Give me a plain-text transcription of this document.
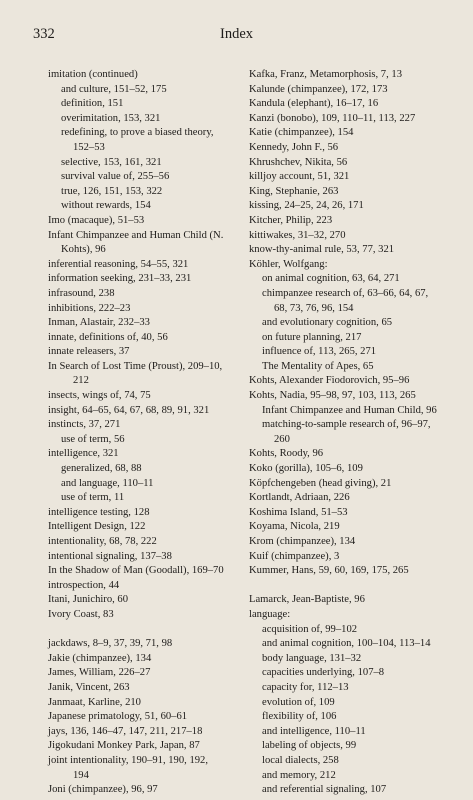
332	Index
imitation (continued)
and culture, 151–52, 175
definition, 151
overimitation, 153, 321
redefining, to prove a biased theory,
152–53
selective, 153, 161, 321
survival value of, 255–56
true, 126, 151, 153, 322
without rewards, 154
Imo (macaque), 51–53
Infant Chimpanzee and Human Child (N.
Kohts), 96
inferential reasoning, 54–55, 321
information seeking, 231–33, 231
infrasound, 238
inhibitions, 222–23
Inman, Alastair, 232–33
innate, definitions of, 40, 56
innate releasers, 37
In Search of Lost Time (Proust), 209–10,
212
insects, wings of, 74, 75
insight, 64–65, 64, 67, 68, 89, 91, 321
instincts, 37, 271
use of term, 56
intelligence, 321
generalized, 68, 88
and language, 110–11
use of term, 11
intelligence testing, 128
Intelligent Design, 122
intentionality, 68, 78, 222
intentional signaling, 137–38
In the Shadow of Man (Goodall), 169–70
introspection, 44
Itani, Junichiro, 60
Ivory Coast, 83
jackdaws, 8–9, 37, 39, 71, 98
Jakie (chimpanzee), 134
James, William, 226–27
Janik, Vincent, 263
Janmaat, Karline, 210
Japanese primatology, 51, 60–61
jays, 136, 146–47, 147, 211, 217–18
Jigokudani Monkey Park, Japan, 87
joint intentionality, 190–91, 190, 192,
194
Joni (chimpanzee), 96, 97
Kafka, Franz, Metamorphosis, 7, 13
Kalunde (chimpanzee), 172, 173
Kandula (elephant), 16–17, 16
Kanzi (bonobo), 109, 110–11, 113, 227
Katie (chimpanzee), 154
Kennedy, John F., 56
Khrushchev, Nikita, 56
killjoy account, 51, 321
King, Stephanie, 263
kissing, 24–25, 24, 26, 171
Kitcher, Philip, 223
kittiwakes, 31–32, 270
know-thy-animal rule, 53, 77, 321
Köhler, Wolfgang:
on animal cognition, 63, 64, 271
chimpanzee research of, 63–66, 64, 67,
68, 73, 76, 96, 154
and evolutionary cognition, 65
on future planning, 217
influence of, 113, 265, 271
The Mentality of Apes, 65
Kohts, Alexander Fiodorovich, 95–96
Kohts, Nadia, 95–98, 97, 103, 113, 265
Infant Chimpanzee and Human Child, 96
matching-to-sample research of, 96–97,
260
Kohts, Roody, 96
Koko (gorilla), 105–6, 109
Köpfchengeben (head giving), 21
Kortlandt, Adriaan, 226
Koshima Island, 51–53
Koyama, Nicola, 219
Krom (chimpanzee), 134
Kuif (chimpanzee), 3
Kummer, Hans, 59, 60, 169, 175, 265
Lamarck, Jean-Baptiste, 96
language:
acquisition of, 99–102
and animal cognition, 100–104, 113–14
body language, 131–32
capacities underlying, 107–8
capacity for, 112–13
evolution of, 109
flexibility of, 106
and intelligence, 110–11
labeling of objects, 99
local dialects, 258
and memory, 212
and referential signaling, 107
